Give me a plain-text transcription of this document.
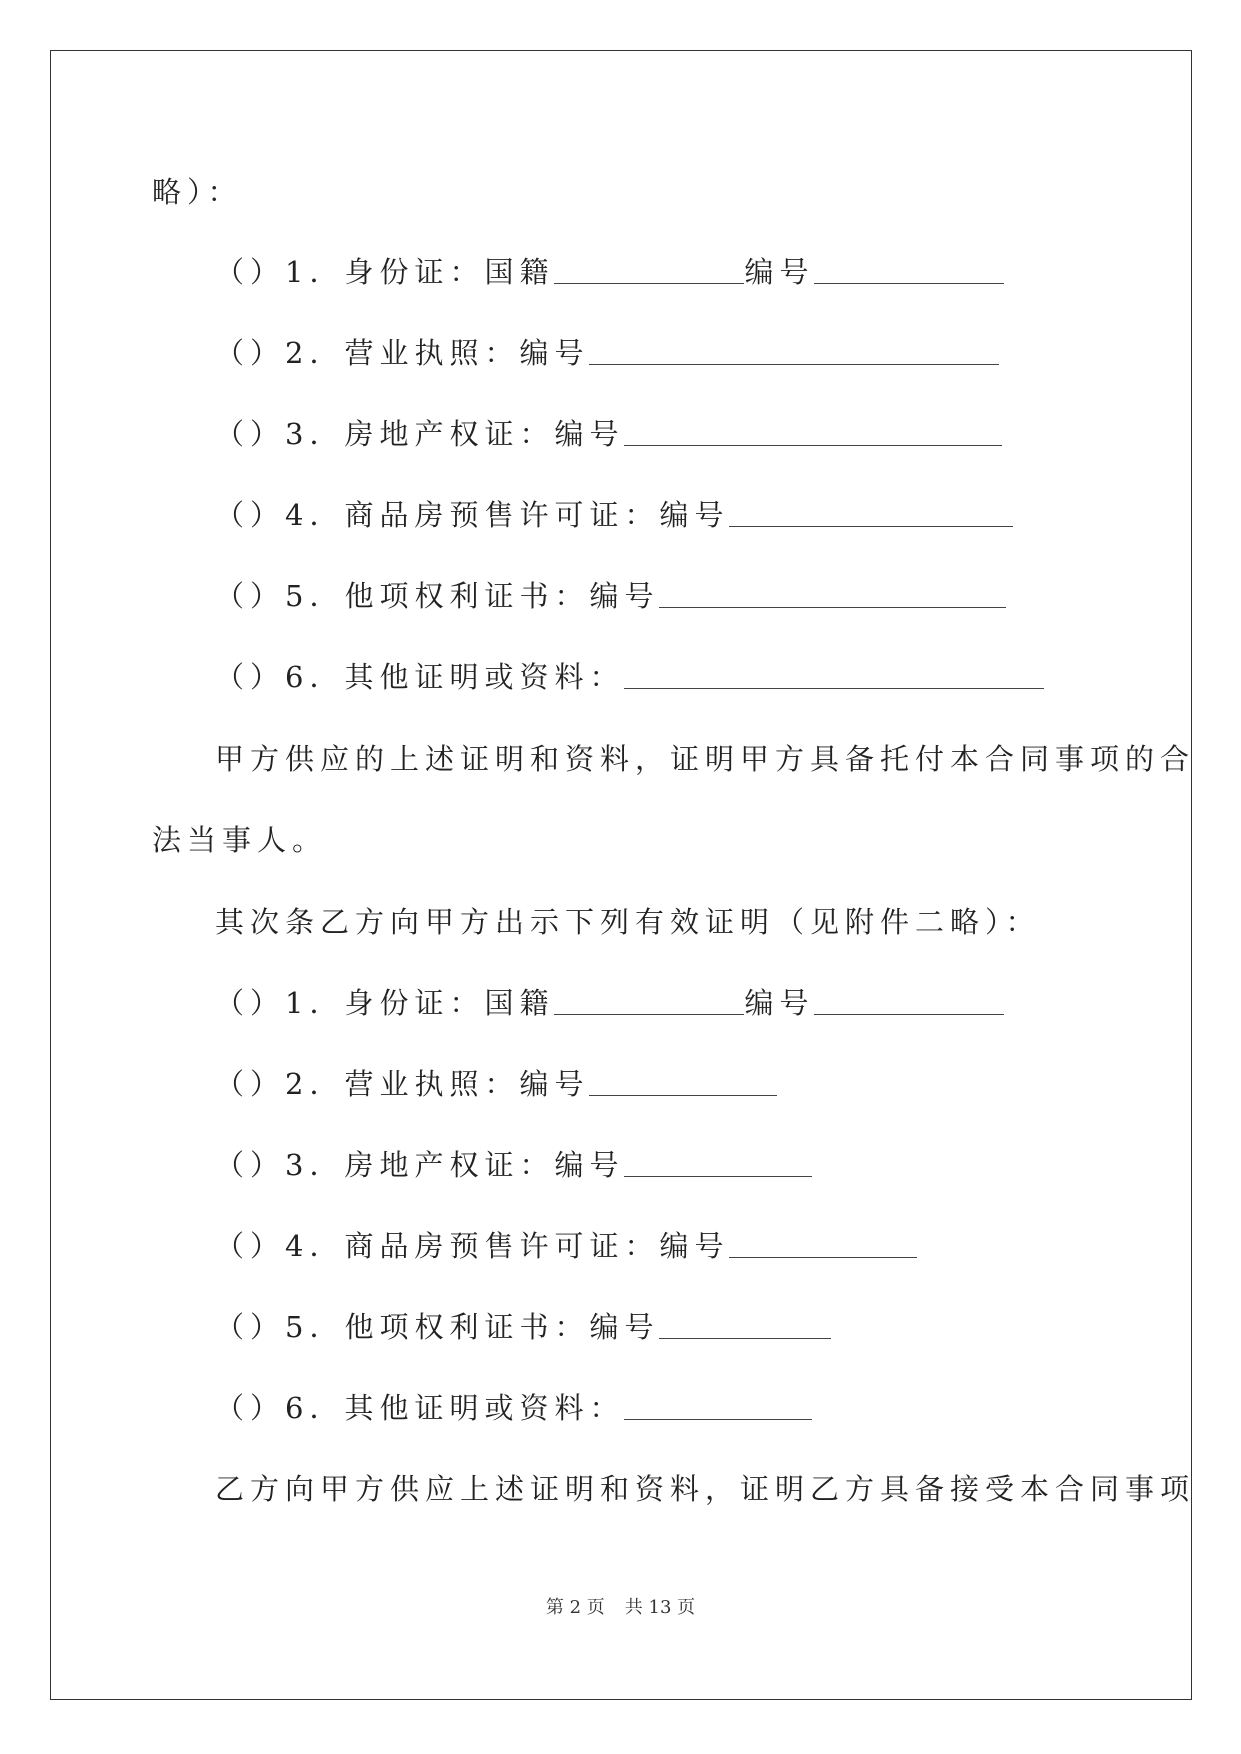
略）：
（）1．身份证：国籍	编号
（）2．营业执照：编号
（）3．房地产权证：编号
（）4．商品房预售许可证：编号
（）5．他项权利证书：编号
（）6．其他证明或资料：
甲方供应的上述证明和资料，证明甲方具备托付本合同事项的合
法当事人。
其次条乙方向甲方出示下列有效证明（见附件二略）：
（）1．身份证：国籍	编号
（）2．营业执照：编号
（）3．房地产权证：编号
（）4．商品房预售许可证：编号
（）5．他项权利证书：编号
（）6．其他证明或资料：
乙方向甲方供应上述证明和资料，证明乙方具备接受本合同事项
第 2 页 共 13 页
